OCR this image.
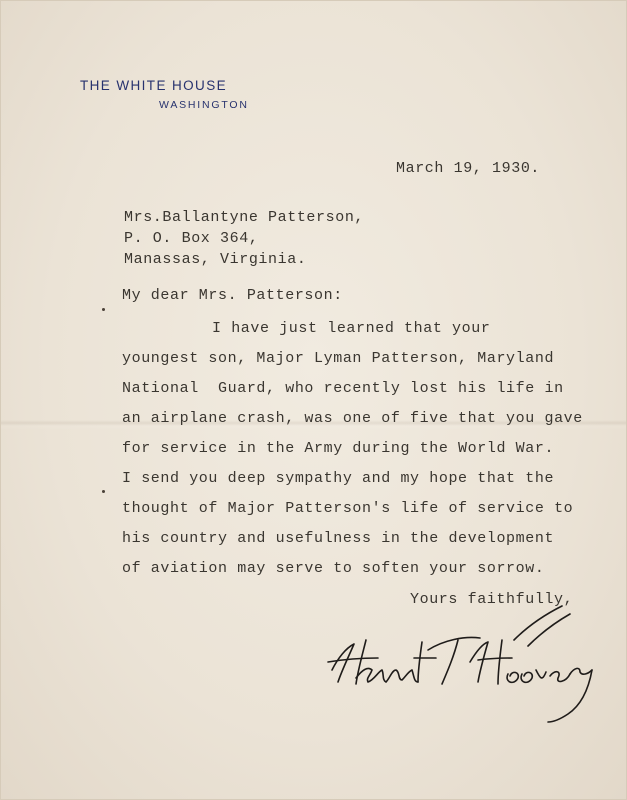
THE WHITE HOUSE
WASHINGTON
March 19, 1930.
Mrs.Ballantyne Patterson,
P. O. Box 364,
Manassas, Virginia.
My dear Mrs. Patterson:
I have just learned that your
youngest son, Major Lyman Patterson, Maryland
National  Guard, who recently lost his life in
an airplane crash, was one of five that you gave
for service in the Army during the World War.
I send you deep sympathy and my hope that the
thought of Major Patterson's life of service to
his country and usefulness in the development
of aviation may serve to soften your sorrow.
Yours faithfully,
